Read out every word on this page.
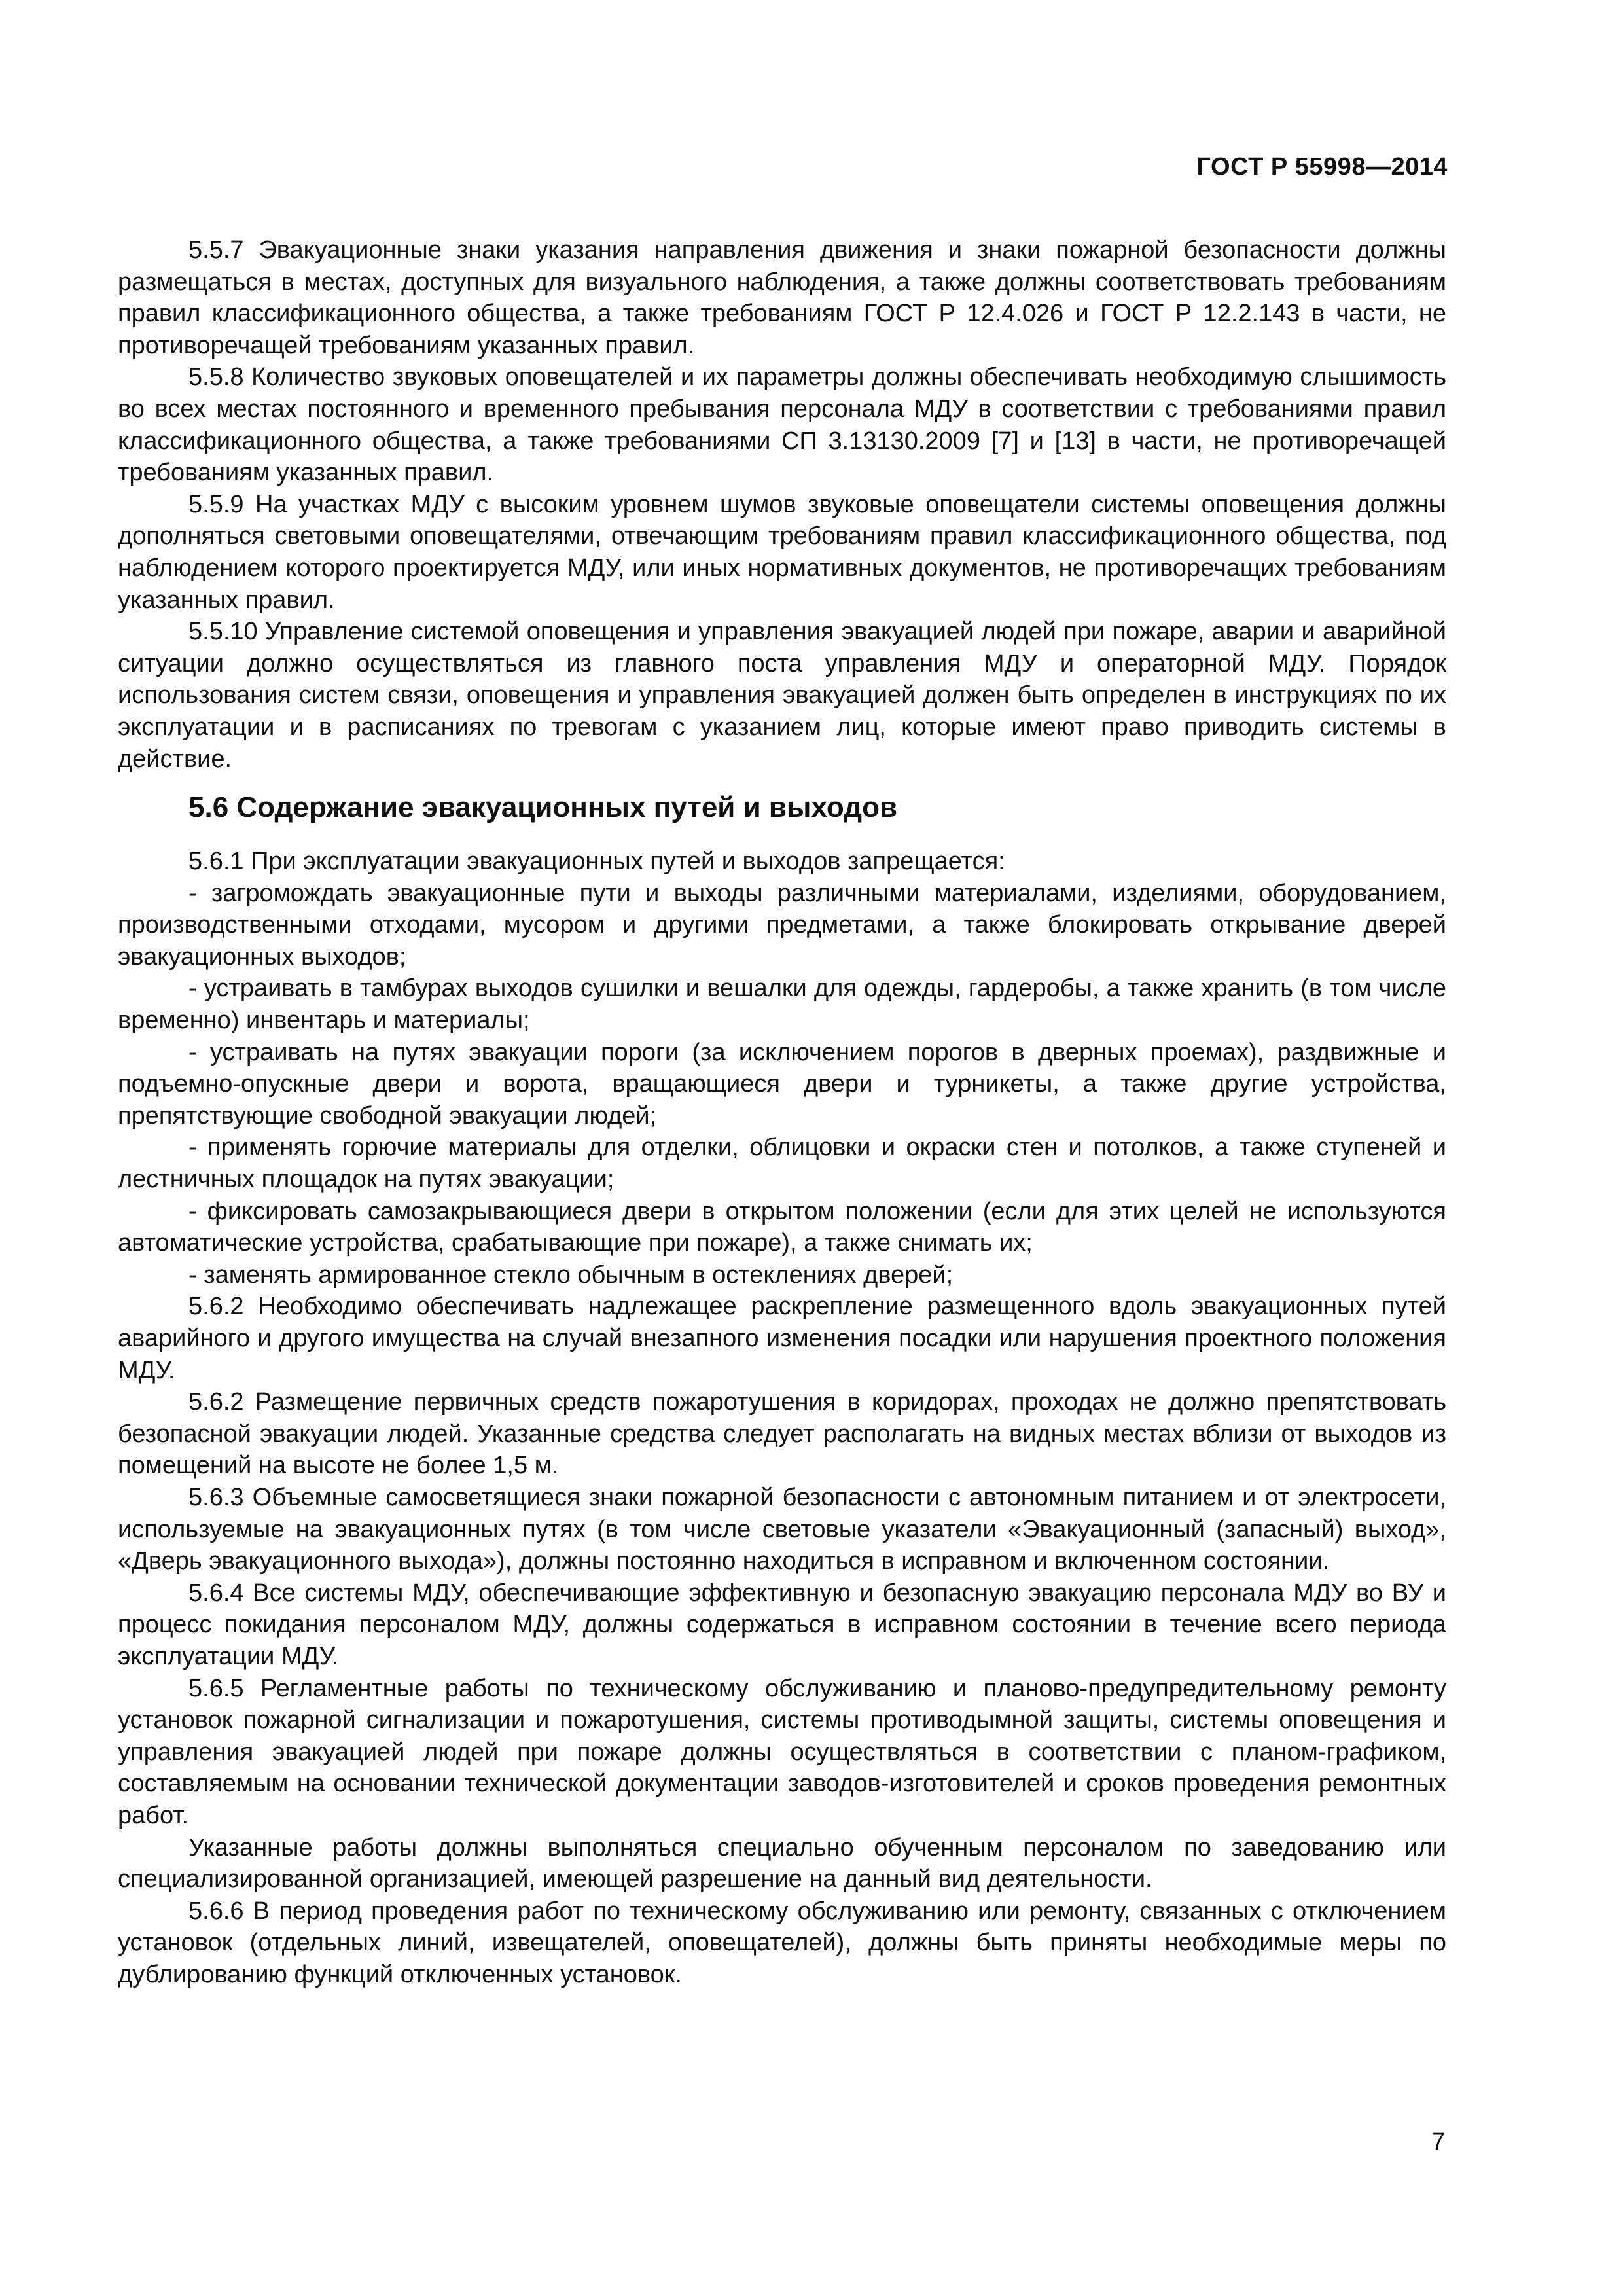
ГОСТ Р 55998—2014

5.5.7 Эвакуационные знаки указания направления движения и знаки пожарной безопасности должны размещаться в местах, доступных для визуального наблюдения, а также должны соответствовать требованиям правил классификационного общества, а также требованиям ГОСТ Р 12.4.026 и ГОСТ Р 12.2.143 в части, не противоречащей требованиям указанных правил.

5.5.8 Количество звуковых оповещателей и их параметры должны обеспечивать необходимую слышимость во всех местах постоянного и временного пребывания персонала МДУ в соответствии с требованиями правил классификационного общества, а также требованиями СП 3.13130.2009 [7] и [13] в части, не противоречащей требованиям указанных правил.

5.5.9 На участках МДУ с высоким уровнем шумов звуковые оповещатели системы оповещения должны дополняться световыми оповещателями, отвечающим требованиям правил классификационного общества, под наблюдением которого проектируется МДУ, или иных нормативных документов, не противоречащих требованиям указанных правил.

5.5.10 Управление системой оповещения и управления эвакуацией людей при пожаре, аварии и аварийной ситуации должно осуществляться из главного поста управления МДУ и операторной МДУ. Порядок использования систем связи, оповещения и управления эвакуацией должен быть определен в инструкциях по их эксплуатации и в расписаниях по тревогам с указанием лиц, которые имеют право приводить системы в действие.

5.6 Содержание эвакуационных путей и выходов

5.6.1 При эксплуатации эвакуационных путей и выходов запрещается:

- загромождать эвакуационные пути и выходы различными материалами, изделиями, оборудованием, производственными отходами, мусором и другими предметами, а также блокировать открывание дверей эвакуационных выходов;

- устраивать в тамбурах выходов сушилки и вешалки для одежды, гардеробы, а также хранить (в том числе временно) инвентарь и материалы;

- устраивать на путях эвакуации пороги (за исключением порогов в дверных проемах), раздвижные и подъемно-опускные двери и ворота, вращающиеся двери и турникеты, а также другие устройства, препятствующие свободной эвакуации людей;

- применять горючие материалы для отделки, облицовки и окраски стен и потолков, а также ступеней и лестничных площадок на путях эвакуации;

- фиксировать самозакрывающиеся двери в открытом положении (если для этих целей не используются автоматические устройства, срабатывающие при пожаре), а также снимать их;

- заменять армированное стекло обычным в остеклениях дверей;

5.6.2 Необходимо обеспечивать надлежащее раскрепление размещенного вдоль эвакуационных путей аварийного и другого имущества на случай внезапного изменения посадки или нарушения проектного положения МДУ.

5.6.2 Размещение первичных средств пожаротушения в коридорах, проходах не должно препятствовать безопасной эвакуации людей. Указанные средства следует располагать на видных местах вблизи от выходов из помещений на высоте не более 1,5 м.

5.6.3 Объемные самосветящиеся знаки пожарной безопасности с автономным питанием и от электросети, используемые на эвакуационных путях (в том числе световые указатели «Эвакуационный (запасный) выход», «Дверь эвакуационного выхода»), должны постоянно находиться в исправном и включенном состоянии.

5.6.4 Все системы МДУ, обеспечивающие эффективную и безопасную эвакуацию персонала МДУ во ВУ и процесс покидания персоналом МДУ, должны содержаться в исправном состоянии в течение всего периода эксплуатации МДУ.

5.6.5 Регламентные работы по техническому обслуживанию и планово-предупредительному ремонту установок пожарной сигнализации и пожаротушения, системы противодымной защиты, системы оповещения и управления эвакуацией людей при пожаре должны осуществляться в соответствии с планом-графиком, составляемым на основании технической документации заводов-изготовителей и сроков проведения ремонтных работ.

Указанные работы должны выполняться специально обученным персоналом по заведованию или специализированной организацией, имеющей разрешение на данный вид деятельности.

5.6.6 В период проведения работ по техническому обслуживанию или ремонту, связанных с отключением установок (отдельных линий, извещателей, оповещателей), должны быть приняты необходимые меры по дублированию функций отключенных установок.

7
